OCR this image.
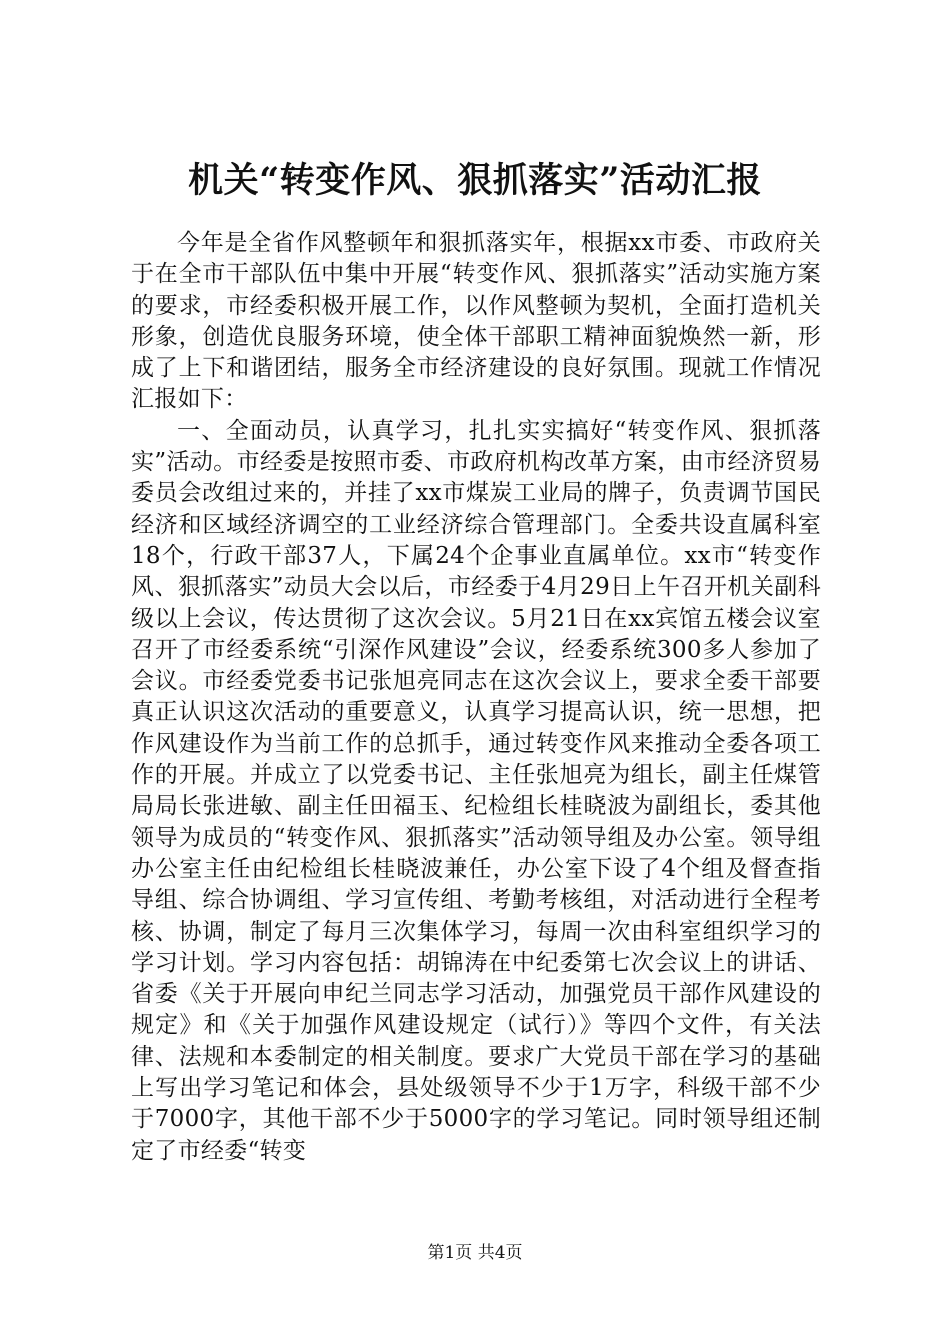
机关“转变作风、狠抓落实”活动汇报

今年是全省作风整顿年和狠抓落实年，根据xx市委、市政府关于在全市干部队伍中集中开展“转变作风、狠抓落实”活动实施方案的要求，市经委积极开展工作，以作风整顿为契机，全面打造机关形象，创造优良服务环境，使全体干部职工精神面貌焕然一新，形成了上下和谐团结，服务全市经济建设的良好氛围。现就工作情况汇报如下：

一、全面动员，认真学习，扎扎实实搞好“转变作风、狠抓落实”活动。市经委是按照市委、市政府机构改革方案，由市经济贸易委员会改组过来的，并挂了xx市煤炭工业局的牌子，负责调节国民经济和区域经济调空的工业经济综合管理部门。全委共设直属科室18个，行政干部37人，下属24个企事业直属单位。xx市“转变作风、狠抓落实”动员大会以后，市经委于4月29日上午召开机关副科级以上会议，传达贯彻了这次会议。5月21日在xx宾馆五楼会议室召开了市经委系统“引深作风建设”会议，经委系统300多人参加了会议。市经委党委书记张旭亮同志在这次会议上，要求全委干部要真正认识这次活动的重要意义，认真学习提高认识，统一思想，把作风建设作为当前工作的总抓手，通过转变作风来推动全委各项工作的开展。并成立了以党委书记、主任张旭亮为组长，副主任煤管局局长张进敏、副主任田福玉、纪检组长桂晓波为副组长，委其他领导为成员的“转变作风、狠抓落实”活动领导组及办公室。领导组办公室主任由纪检组长桂晓波兼任，办公室下设了4个组及督查指导组、综合协调组、学习宣传组、考勤考核组，对活动进行全程考核、协调，制定了每月三次集体学习，每周一次由科室组织学习的学习计划。学习内容包括：胡锦涛在中纪委第七次会议上的讲话、省委《关于开展向申纪兰同志学习活动，加强党员干部作风建设的规定》和《关于加强作风建设规定（试行）》等四个文件，有关法律、法规和本委制定的相关制度。要求广大党员干部在学习的基础上写出学习笔记和体会，县处级领导不少于1万字，科级干部不少于7000字，其他干部不少于5000字的学习笔记。同时领导组还制定了市经委“转变

第1页 共4页
